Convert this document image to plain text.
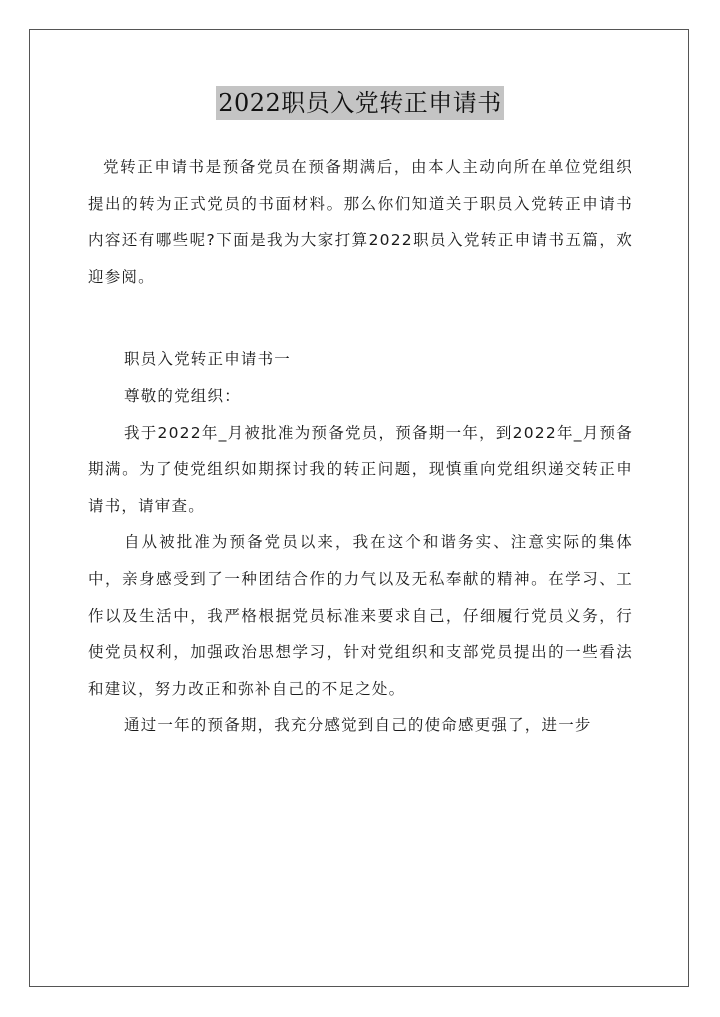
2022职员入党转正申请书

党转正申请书是预备党员在预备期满后，由本人主动向所在单位党组织提出的转为正式党员的书面材料。那么你们知道关于职员入党转正申请书内容还有哪些呢?下面是我为大家打算2022职员入党转正申请书五篇，欢迎参阅。

职员入党转正申请书一

尊敬的党组织：

我于2022年_月被批准为预备党员，预备期一年，到2022年_月预备期满。为了使党组织如期探讨我的转正问题，现慎重向党组织递交转正申请书，请审查。

自从被批准为预备党员以来，我在这个和谐务实、注意实际的集体中，亲身感受到了一种团结合作的力气以及无私奉献的精神。在学习、工作以及生活中，我严格根据党员标准来要求自己，仔细履行党员义务，行使党员权利，加强政治思想学习，针对党组织和支部党员提出的一些看法和建议，努力改正和弥补自己的不足之处。

通过一年的预备期，我充分感觉到自己的使命感更强了，进一步
